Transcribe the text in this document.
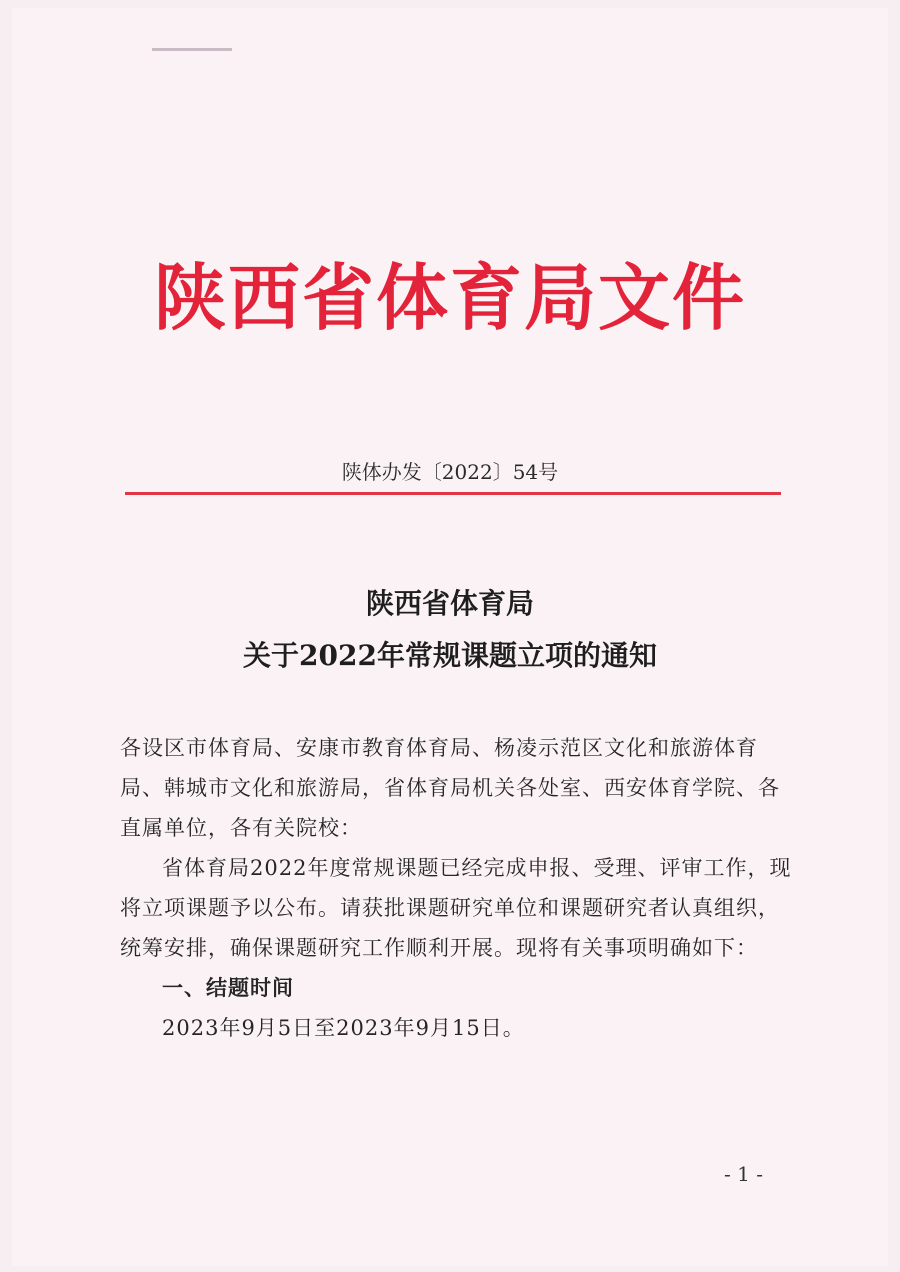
陕西省体育局文件
陕体办发〔2022〕54号
陕西省体育局
关于2022年常规课题立项的通知

各设区市体育局、安康市教育体育局、杨凌示范区文化和旅游体育局、韩城市文化和旅游局，省体育局机关各处室、西安体育学院、各直属单位，各有关院校：

省体育局2022年度常规课题已经完成申报、受理、评审工作，现将立项课题予以公布。请获批课题研究单位和课题研究者认真组织，统筹安排，确保课题研究工作顺利开展。现将有关事项明确如下：

一、结题时间

2023年9月5日至2023年9月15日。

- 1 -
